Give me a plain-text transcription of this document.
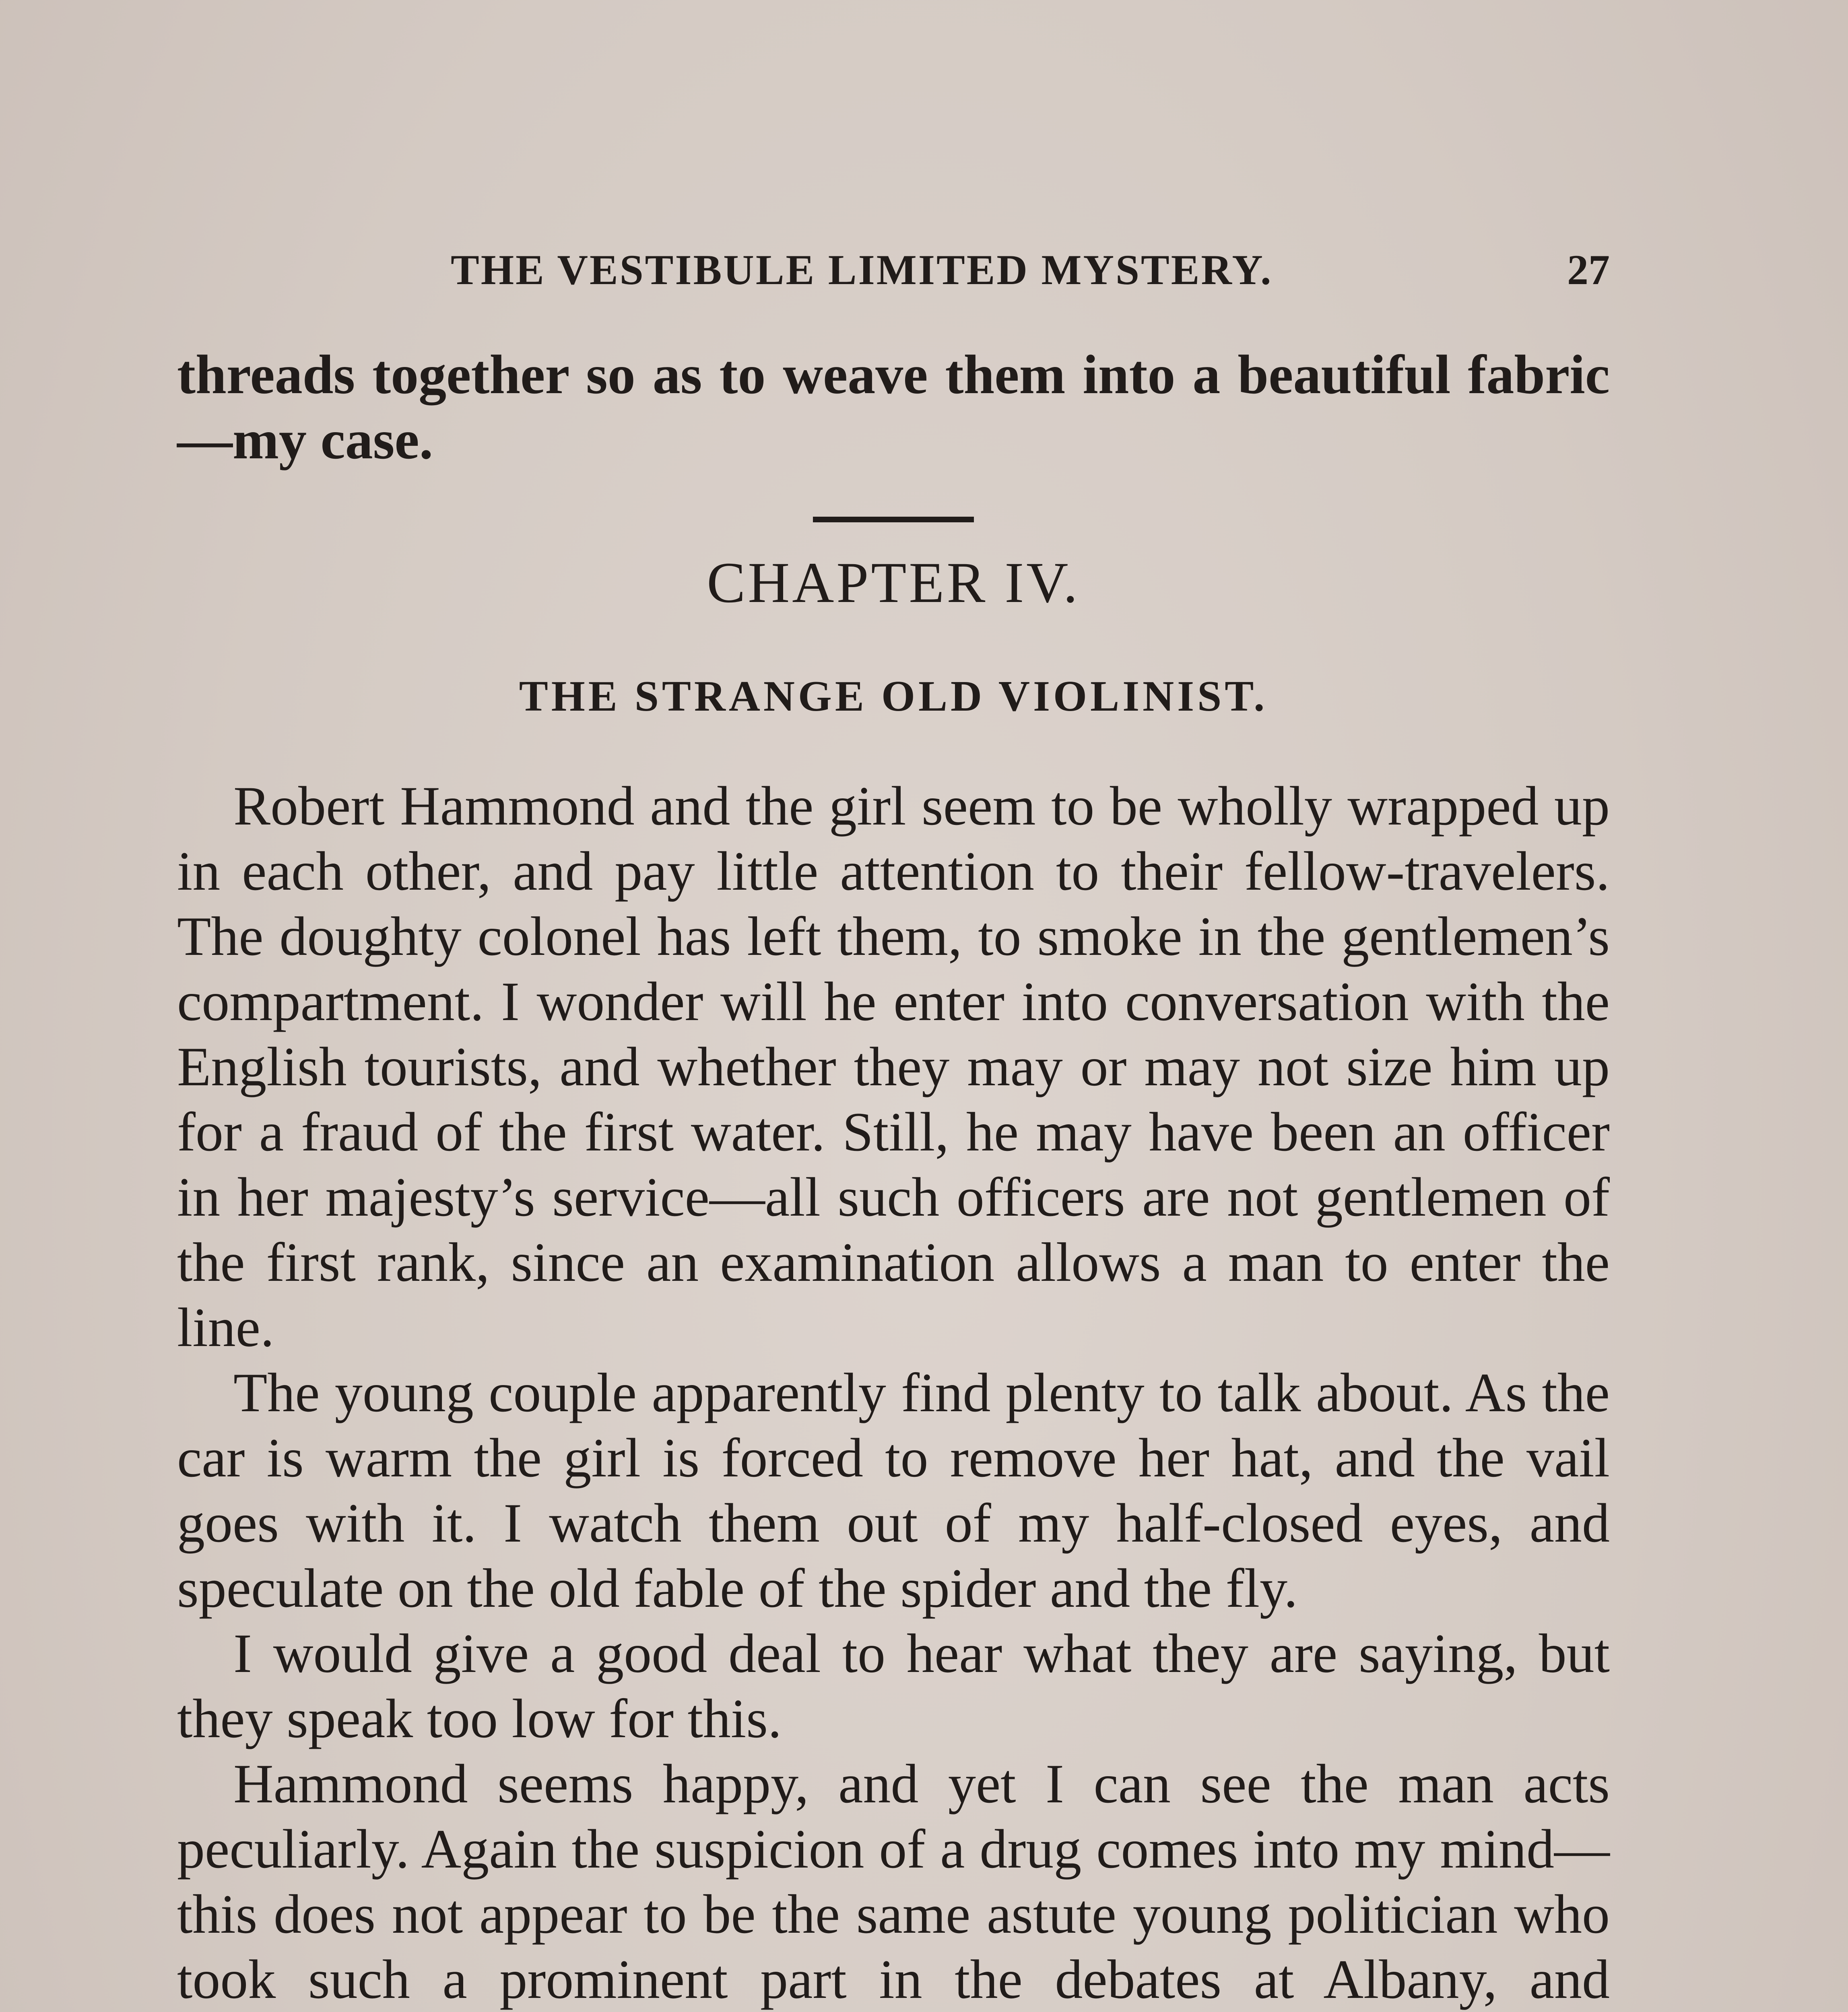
THE VESTIBULE LIMITED MYSTERY.	27

threads together so as to weave them into a beautiful fabric—my case.

CHAPTER IV.
THE STRANGE OLD VIOLINIST.

Robert Hammond and the girl seem to be wholly wrapped up in each other, and pay little attention to their fellow-travelers. The doughty colonel has left them, to smoke in the gentlemen’s compartment. I wonder will he enter into conversation with the English tourists, and whether they may or may not size him up for a fraud of the first water. Still, he may have been an officer in her majesty’s service—all such officers are not gentlemen of the first rank, since an examination allows a man to enter the line.

The young couple apparently find plenty to talk about. As the car is warm the girl is forced to remove her hat, and the vail goes with it. I watch them out of my half-closed eyes, and speculate on the old fable of the spider and the fly.

I would give a good deal to hear what they are saying, but they speak too low for this.

Hammond seems happy, and yet I can see the man acts peculiarly. Again the suspicion of a drug comes into my mind—this does not appear to be the same astute young politician who took such a prominent part in the debates at Albany, and
